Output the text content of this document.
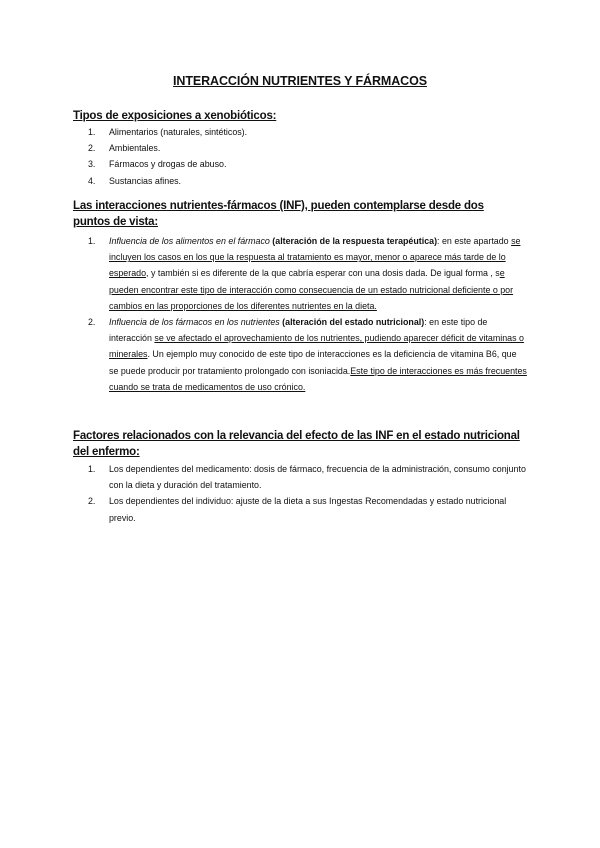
INTERACCIÓN NUTRIENTES Y FÁRMACOS
Tipos de exposiciones a xenobióticos:
1. Alimentarios (naturales, sintéticos).
2. Ambientales.
3. Fármacos y drogas de abuso.
4. Sustancias afines.
Las interacciones nutrientes-fármacos (INF), pueden contemplarse desde dos puntos de vista:
1. Influencia de los alimentos en el fármaco (alteración de la respuesta terapéutica): en este apartado se incluyen los casos en los que la respuesta al tratamiento es mayor, menor o aparece más tarde de lo esperado, y también si es diferente de la que cabría esperar con una dosis dada. De igual forma , se pueden encontrar este tipo de interacción como consecuencia de un estado nutricional deficiente o por cambios en las proporciones de los diferentes nutrientes en la dieta.
2. Influencia de los fármacos en los nutrientes (alteración del estado nutricional): en este tipo de interacción se ve afectado el aprovechamiento de los nutrientes, pudiendo aparecer déficit de vitaminas o minerales. Un ejemplo muy conocido de este tipo de interacciones es la deficiencia de vitamina B6, que se puede producir por tratamiento prolongado con isoniacida.Este tipo de interacciones es más frecuentes cuando se trata de medicamentos de uso crónico.
Factores relacionados con la relevancia del efecto de las INF en el estado nutricional del enfermo:
1. Los dependientes del medicamento: dosis de fármaco, frecuencia de la administración, consumo conjunto con la dieta y duración del tratamiento.
2. Los dependientes del individuo: ajuste de la dieta a sus Ingestas Recomendadas y estado nutricional previo.
